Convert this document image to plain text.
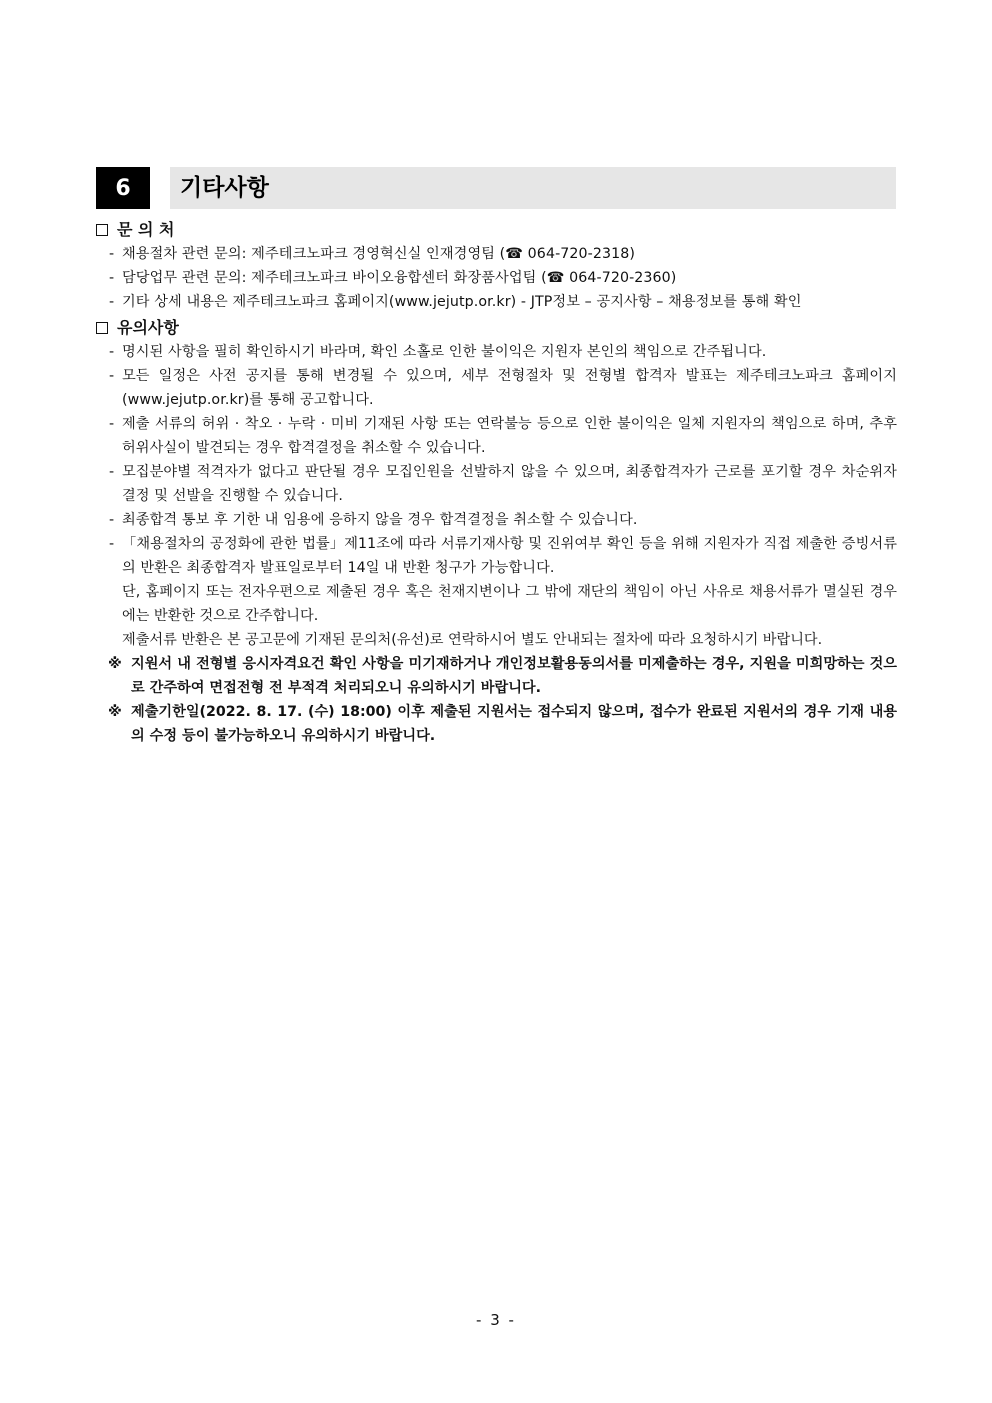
6	기타사항
문 의 처
- 채용절차 관련 문의: 제주테크노파크 경영혁신실 인재경영팀 (☎ 064-720-2318)
- 담당업무 관련 문의: 제주테크노파크 바이오융합센터 화장품사업팀 (☎ 064-720-2360)
- 기타 상세 내용은 제주테크노파크 홈페이지(www.jejutp.or.kr) - JTP정보 – 공지사항 – 채용정보를 통해 확인
유의사항
- 명시된 사항을 필히 확인하시기 바라며, 확인 소홀로 인한 불이익은 지원자 본인의 책임으로 간주됩니다.
- 모든 일정은 사전 공지를 통해 변경될 수 있으며, 세부 전형절차 및 전형별 합격자 발표는 제주테크노파크 홈페이지(www.jejutp.or.kr)를 통해 공고합니다.
- 제출 서류의 허위 · 착오 · 누락 · 미비 기재된 사항 또는 연락불능 등으로 인한 불이익은 일체 지원자의 책임으로 하며, 추후 허위사실이 발견되는 경우 합격결정을 취소할 수 있습니다.
- 모집분야별 적격자가 없다고 판단될 경우 모집인원을 선발하지 않을 수 있으며, 최종합격자가 근로를 포기할 경우 차순위자 결정 및 선발을 진행할 수 있습니다.
- 최종합격 통보 후 기한 내 임용에 응하지 않을 경우 합격결정을 취소할 수 있습니다.
- 「채용절차의 공정화에 관한 법률」제11조에 따라 서류기재사항 및 진위여부 확인 등을 위해 지원자가 직접 제출한 증빙서류의 반환은 최종합격자 발표일로부터 14일 내 반환 청구가 가능합니다.
단, 홈페이지 또는 전자우편으로 제출된 경우 혹은 천재지변이나 그 밖에 재단의 책임이 아닌 사유로 채용서류가 멸실된 경우에는 반환한 것으로 간주합니다.
제출서류 반환은 본 공고문에 기재된 문의처(유선)로 연락하시어 별도 안내되는 절차에 따라 요청하시기 바랍니다.
※ 지원서 내 전형별 응시자격요건 확인 사항을 미기재하거나 개인정보활용동의서를 미제출하는 경우, 지원을 미희망하는 것으로 간주하여 면접전형 전 부적격 처리되오니 유의하시기 바랍니다.
※ 제출기한일(2022. 8. 17. (수) 18:00) 이후 제출된 지원서는 접수되지 않으며, 접수가 완료된 지원서의 경우 기재 내용의 수정 등이 불가능하오니 유의하시기 바랍니다.
- 3 -
